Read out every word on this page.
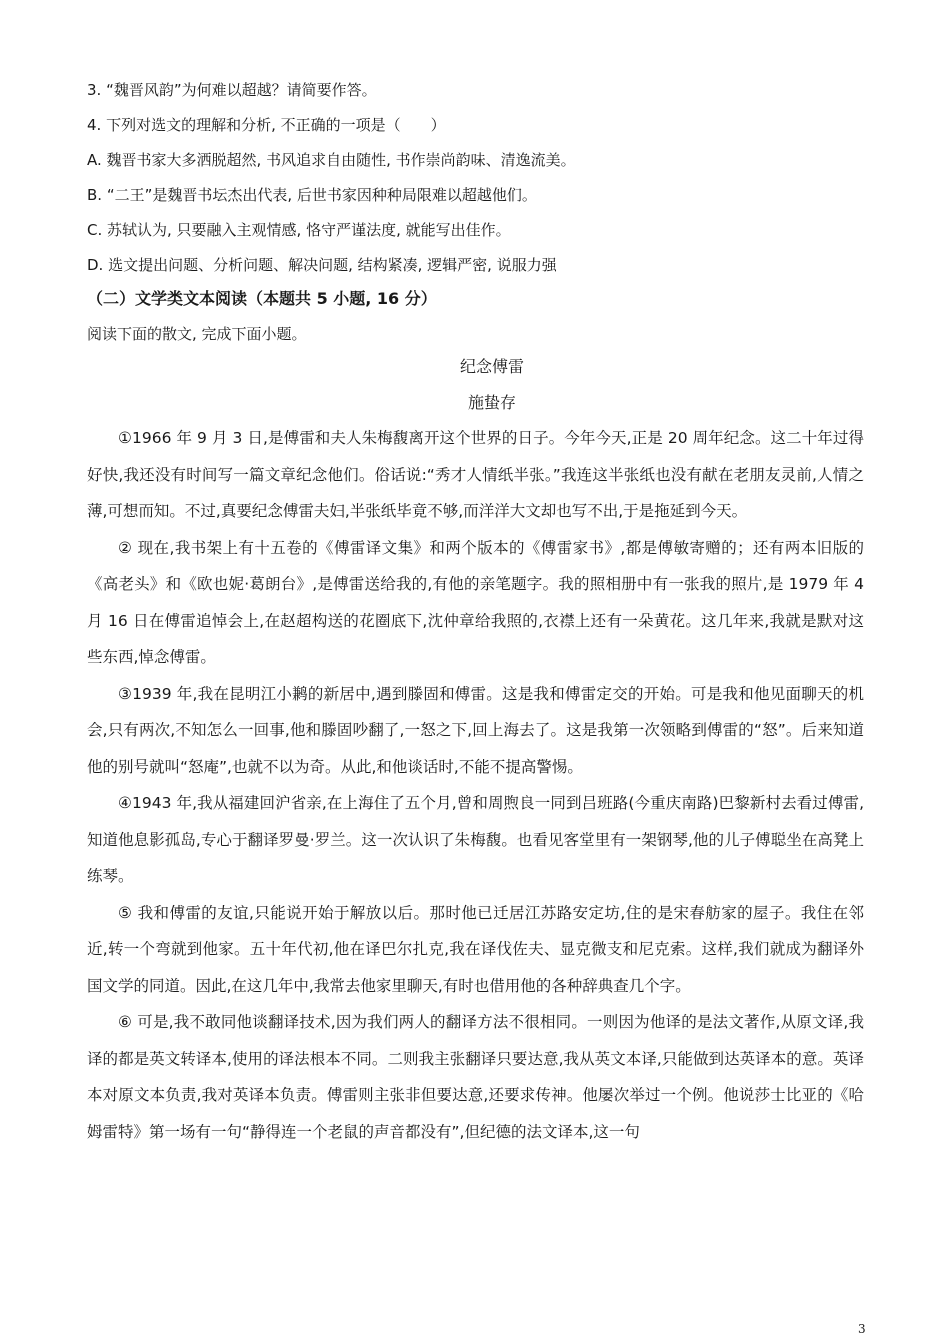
3. “魏晋风韵”为何难以超越？请简要作答。
4. 下列对选文的理解和分析, 不正确的一项是（　　）
A. 魏晋书家大多洒脱超然, 书风追求自由随性, 书作崇尚韵味、清逸流美。
B. “二王”是魏晋书坛杰出代表, 后世书家因种种局限难以超越他们。
C. 苏轼认为, 只要融入主观情感, 恪守严谨法度, 就能写出佳作。
D. 选文提出问题、分析问题、解决问题, 结构紧凑, 逻辑严密, 说服力强
（二）文学类文本阅读（本题共 5 小题, 16 分）
阅读下面的散文, 完成下面小题。
纪念傅雷
施蛰存

①1966 年 9 月 3 日,是傅雷和夫人朱梅馥离开这个世界的日子。今年今天,正是 20 周年纪念。这二十年过得好快,我还没有时间写一篇文章纪念他们。俗话说:“秀才人情纸半张。”我连这半张纸也没有献在老朋友灵前,人情之薄,可想而知。不过,真要纪念傅雷夫妇,半张纸毕竟不够,而洋洋大文却也写不出,于是拖延到今天。

② 现在,我书架上有十五卷的《傅雷译文集》和两个版本的《傅雷家书》,都是傅敏寄赠的；还有两本旧版的《高老头》和《欧也妮·葛朗台》,是傅雷送给我的,有他的亲笔题字。我的照相册中有一张我的照片,是 1979 年 4 月 16 日在傅雷追悼会上,在赵超构送的花圈底下,沈仲章给我照的,衣襟上还有一朵黄花。这几年来,我就是默对这些东西,悼念傅雷。

③1939 年,我在昆明江小鹣的新居中,遇到滕固和傅雷。这是我和傅雷定交的开始。可是我和他见面聊天的机会,只有两次,不知怎么一回事,他和滕固吵翻了,一怒之下,回上海去了。这是我第一次领略到傅雷的“怒”。后来知道他的别号就叫“怒庵”,也就不以为奇。从此,和他谈话时,不能不提高警惕。

④1943 年,我从福建回沪省亲,在上海住了五个月,曾和周煦良一同到吕班路(今重庆南路)巴黎新村去看过傅雷,知道他息影孤岛,专心于翻译罗曼·罗兰。这一次认识了朱梅馥。也看见客堂里有一架钢琴,他的儿子傅聪坐在高凳上练琴。

⑤ 我和傅雷的友谊,只能说开始于解放以后。那时他已迁居江苏路安定坊,住的是宋春舫家的屋子。我住在邻近,转一个弯就到他家。五十年代初,他在译巴尔扎克,我在译伐佐夫、显克微支和尼克索。这样,我们就成为翻译外国文学的同道。因此,在这几年中,我常去他家里聊天,有时也借用他的各种辞典查几个字。

⑥ 可是,我不敢同他谈翻译技术,因为我们两人的翻译方法不很相同。一则因为他译的是法文著作,从原文译,我译的都是英文转译本,使用的译法根本不同。二则我主张翻译只要达意,我从英文本译,只能做到达英译本的意。英译本对原文本负责,我对英译本负责。傅雷则主张非但要达意,还要求传神。他屡次举过一个例。他说莎士比亚的《哈姆雷特》第一场有一句“静得连一个老鼠的声音都没有”,但纪德的法文译本,这一句

3
